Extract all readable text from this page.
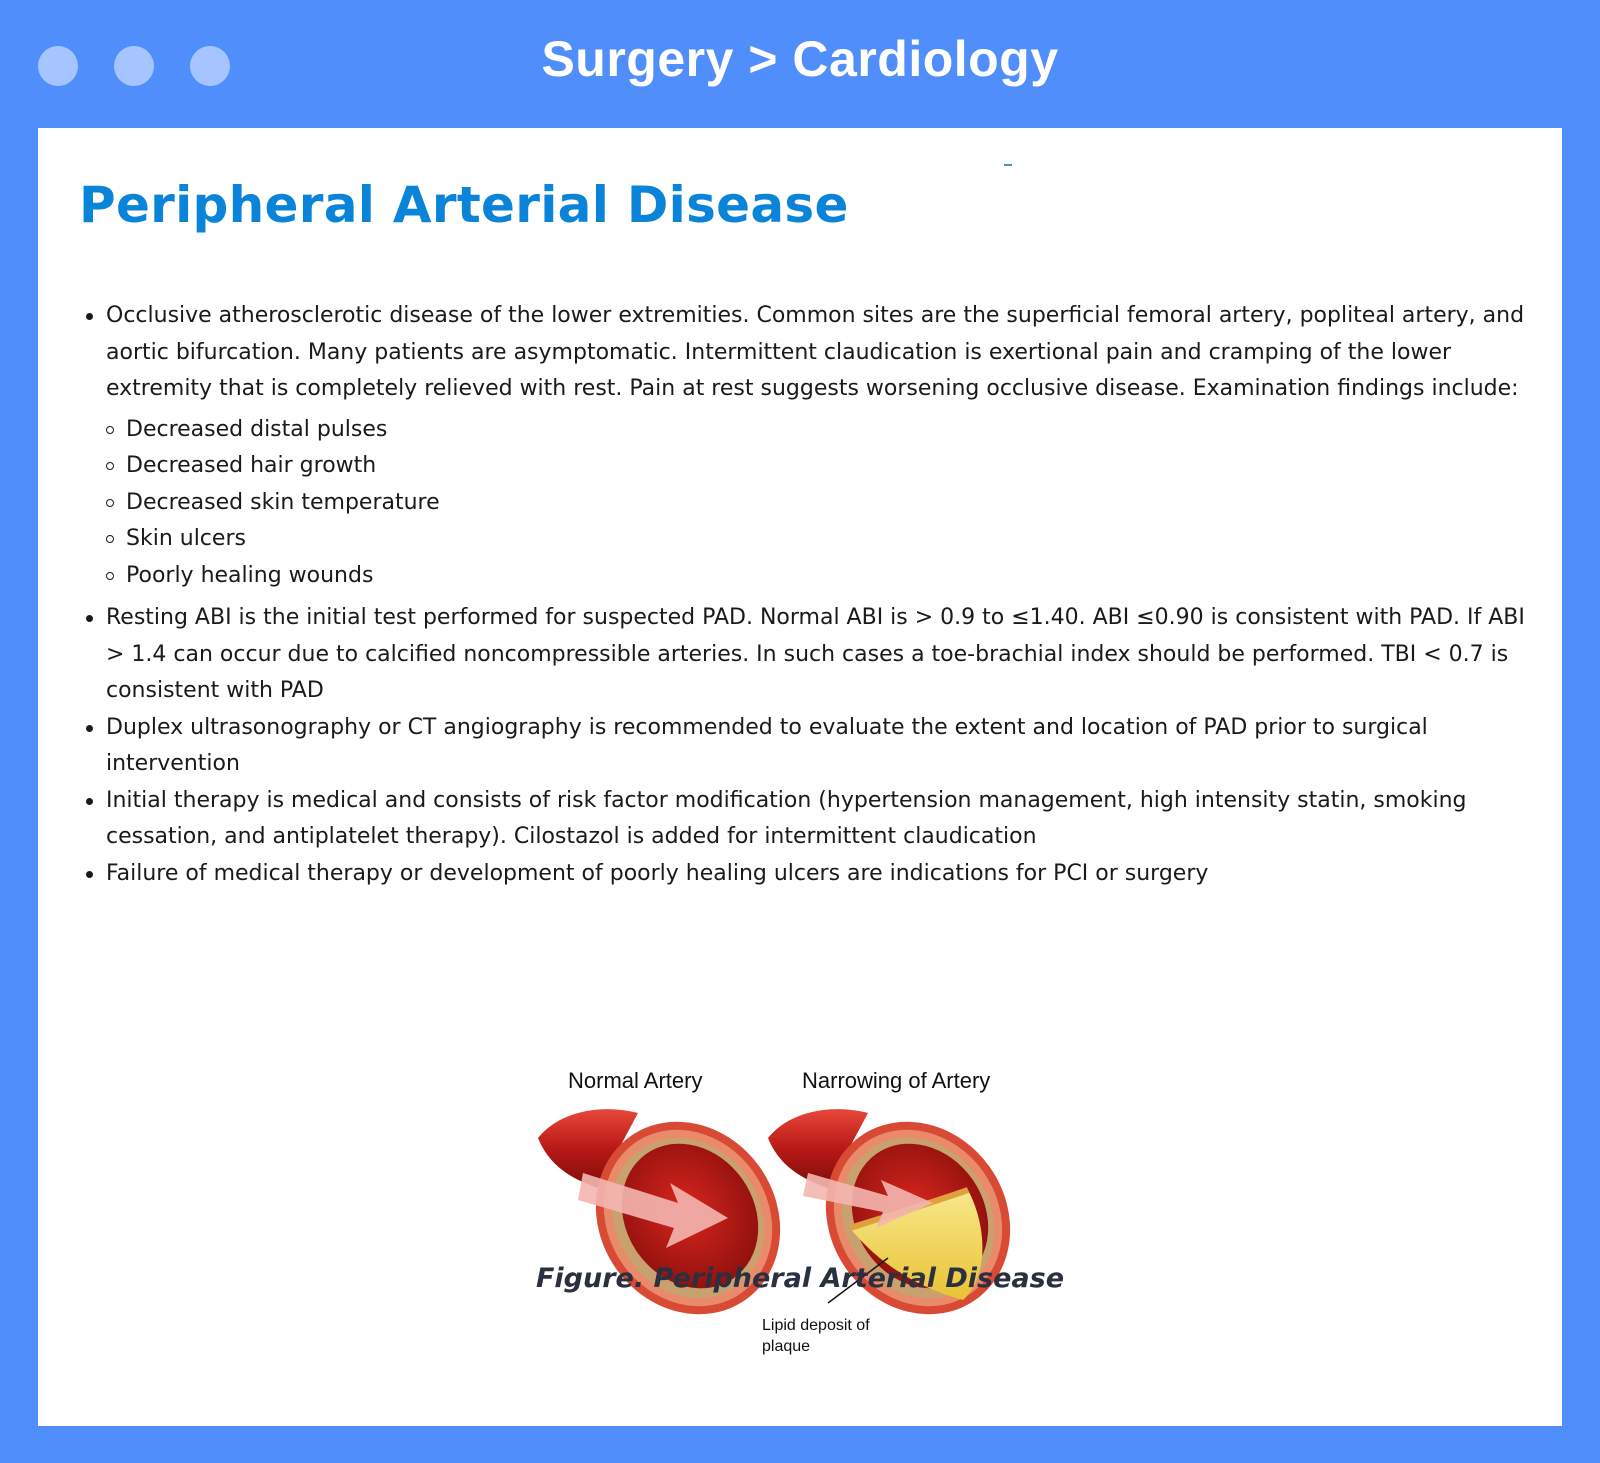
Surgery > Cardiology
Peripheral Arterial Disease
Occlusive atherosclerotic disease of the lower extremities. Common sites are the superficial femoral artery, popliteal artery, and aortic bifurcation. Many patients are asymptomatic. Intermittent claudication is exertional pain and cramping of the lower extremity that is completely relieved with rest. Pain at rest suggests worsening occlusive disease. Examination findings include:
Decreased distal pulses
Decreased hair growth
Decreased skin temperature
Skin ulcers
Poorly healing wounds
Resting ABI is the initial test performed for suspected PAD. Normal ABI is > 0.9 to ≤1.40. ABI ≤0.90 is consistent with PAD. If ABI > 1.4 can occur due to calcified noncompressible arteries. In such cases a toe-brachial index should be performed. TBI < 0.7 is consistent with PAD
Duplex ultrasonography or CT angiography is recommended to evaluate the extent and location of PAD prior to surgical intervention
Initial therapy is medical and consists of risk factor modification (hypertension management, high intensity statin, smoking cessation, and antiplatelet therapy). Cilostazol is added for intermittent claudication
Failure of medical therapy or development of poorly healing ulcers are indications for PCI or surgery
Normal Artery	Narrowing of Artery
Lipid deposit of
plaque
Figure. Peripheral Arterial Disease
